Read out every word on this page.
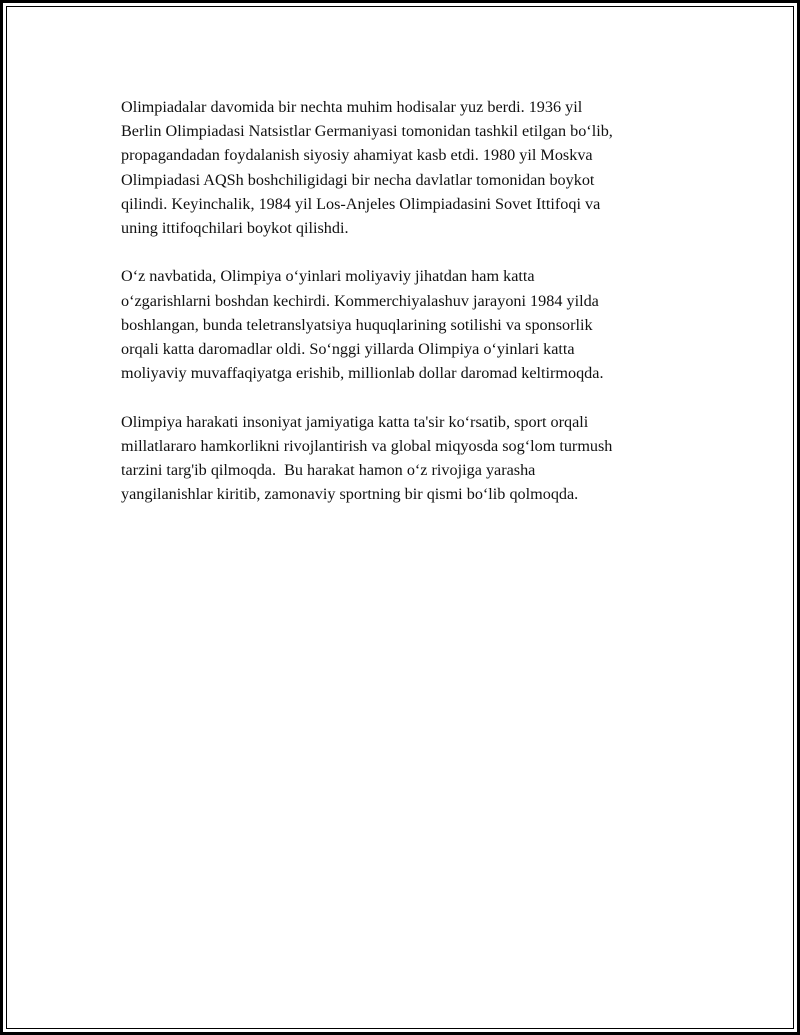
Olimpiadalar davomida bir nechta muhim hodisalar yuz berdi. 1936 yil
Berlin Olimpiadasi Natsistlar Germaniyasi tomonidan tashkil etilgan bo‘lib,
propagandadan foydalanish siyosiy ahamiyat kasb etdi. 1980 yil Moskva
Olimpiadasi AQSh boshchiligidagi bir necha davlatlar tomonidan boykot
qilindi. Keyinchalik, 1984 yil Los-Anjeles Olimpiadasini Sovet Ittifoqi va
uning ittifoqchilari boykot qilishdi.

O‘z navbatida, Olimpiya o‘yinlari moliyaviy jihatdan ham katta
o‘zgarishlarni boshdan kechirdi. Kommerchiyalashuv jarayoni 1984 yilda
boshlangan, bunda teletranslyatsiya huquqlarining sotilishi va sponsorlik
orqali katta daromadlar oldi. So‘nggi yillarda Olimpiya o‘yinlari katta
moliyaviy muvaffaqiyatga erishib, millionlab dollar daromad keltirmoqda.

Olimpiya harakati insoniyat jamiyatiga katta ta'sir ko‘rsatib, sport orqali
millatlararo hamkorlikni rivojlantirish va global miqyosda sog‘lom turmush
tarzini targ'ib qilmoqda.  Bu harakat hamon o‘z rivojiga yarasha
yangilanishlar kiritib, zamonaviy sportning bir qismi bo‘lib qolmoqda.
